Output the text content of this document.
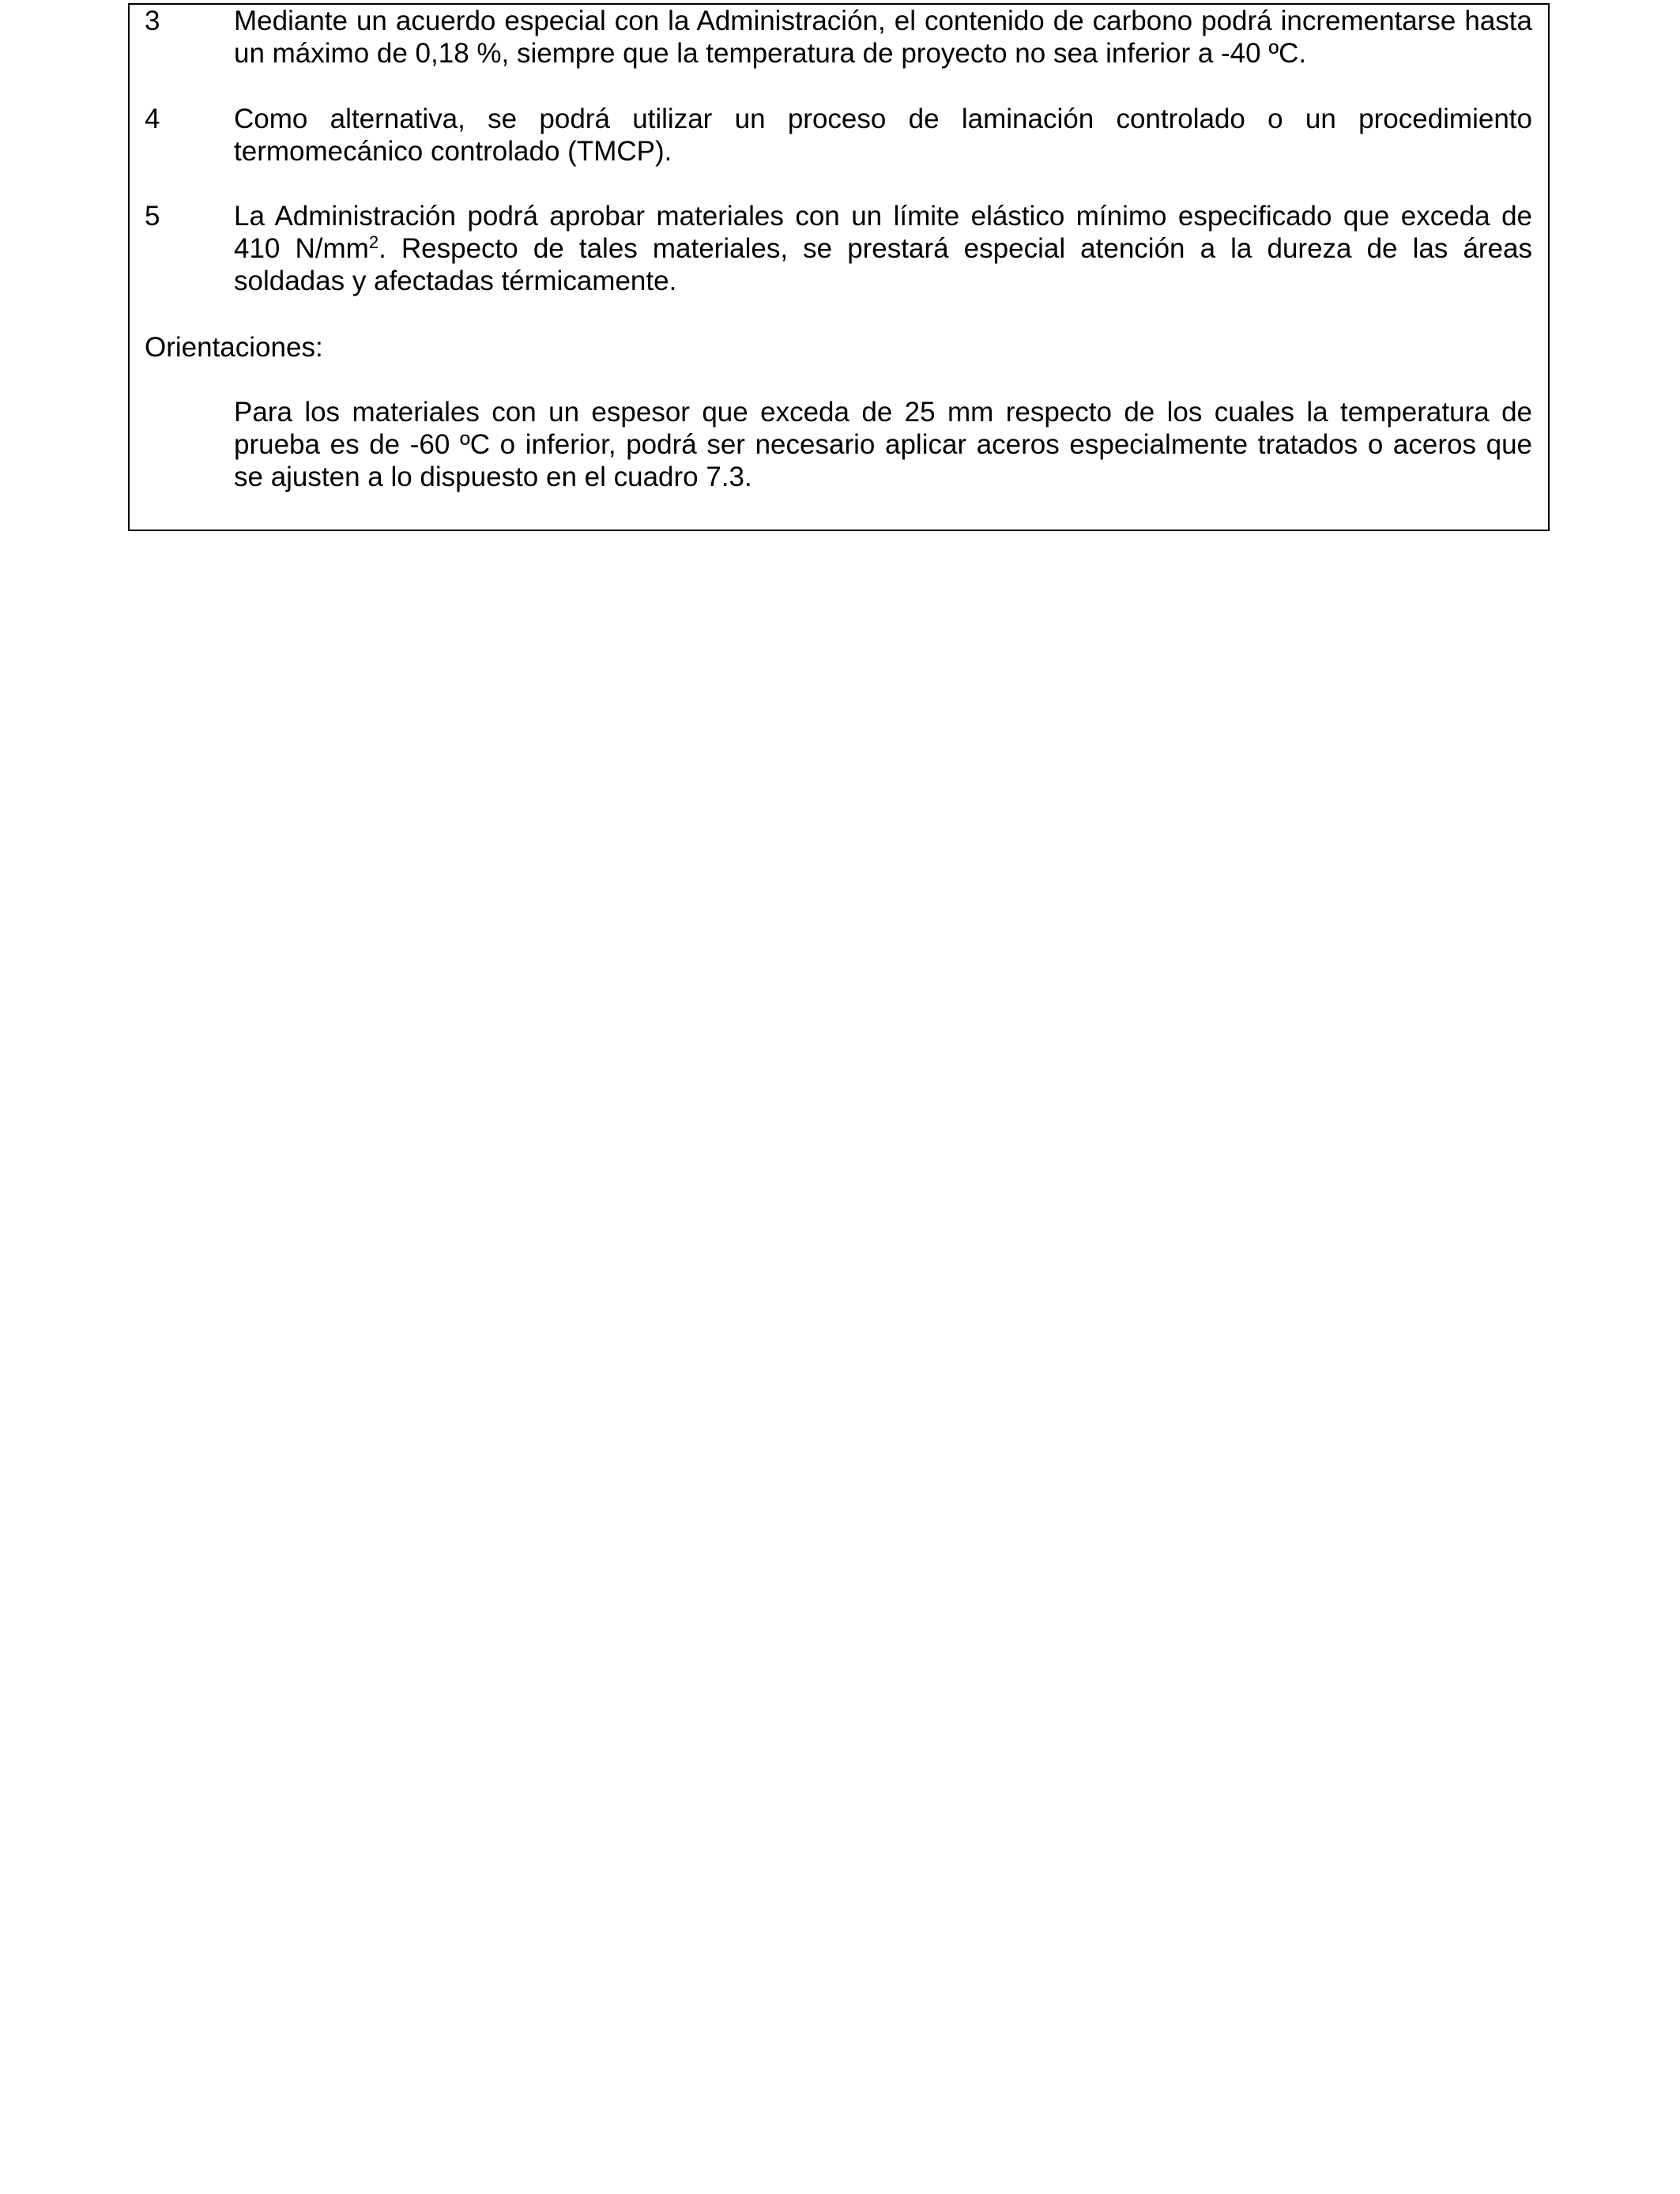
3	Mediante un acuerdo especial con la Administración, el contenido de carbono podrá incrementarse hasta un máximo de 0,18 %, siempre que la temperatura de proyecto no sea inferior a -40 ºC.
4	Como alternativa, se podrá utilizar un proceso de laminación controlado o un procedimiento termomecánico controlado (TMCP).
5	La Administración podrá aprobar materiales con un límite elástico mínimo especificado que exceda de 410 $N/mm^2$. Respecto de tales materiales, se prestará especial atención a la dureza de las áreas soldadas y afectadas térmicamente.
Orientaciones:
Para los materiales con un espesor que exceda de 25 mm respecto de los cuales la temperatura de prueba es de -60 ºC o inferior, podrá ser necesario aplicar aceros especialmente tratados o aceros que se ajusten a lo dispuesto en el cuadro 7.3.
